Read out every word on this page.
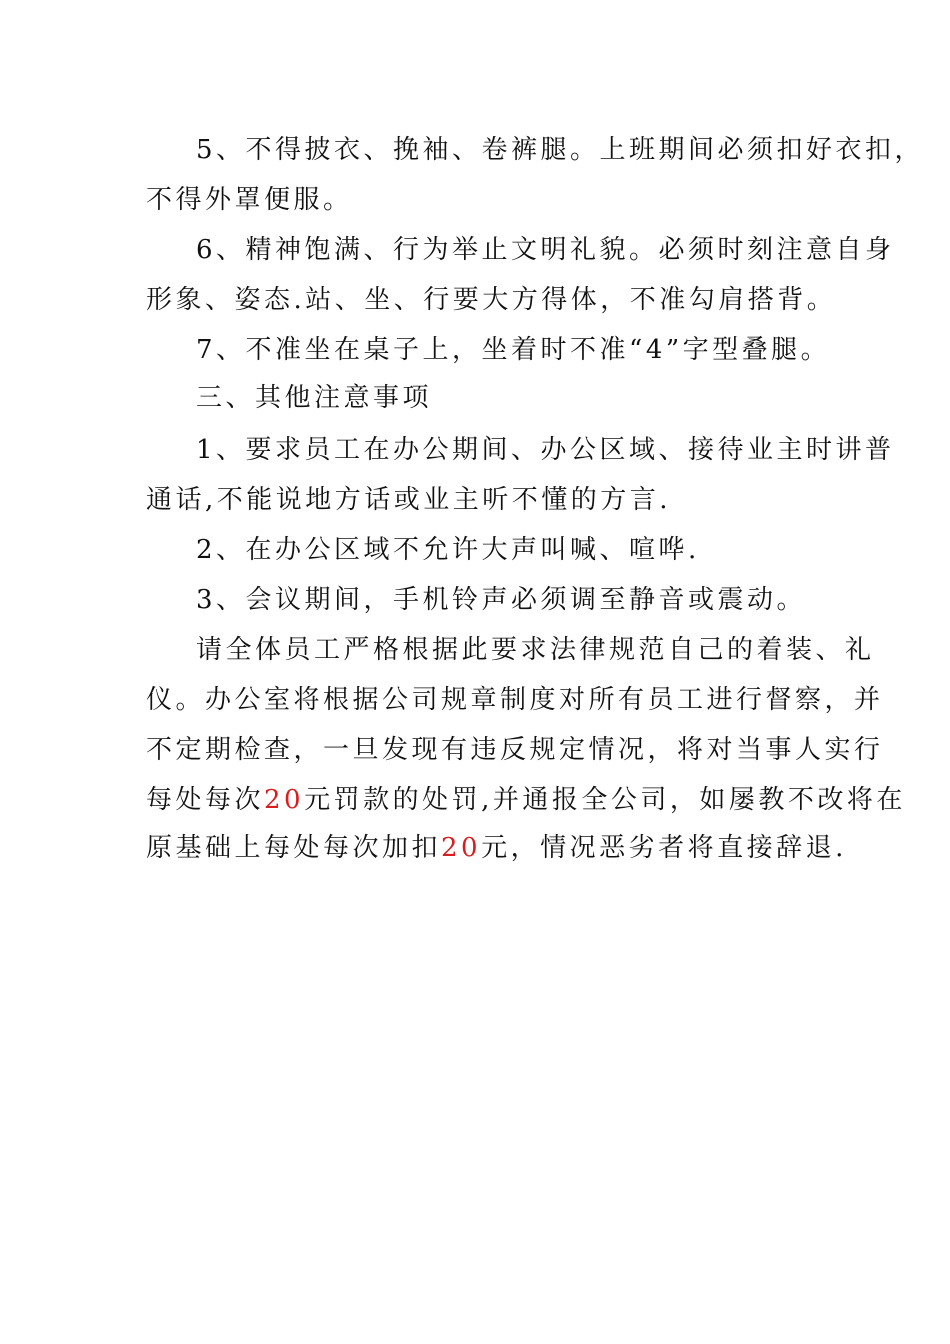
5、不得披衣、挽袖、卷裤腿。上班期间必须扣好衣扣，
不得外罩便服。
6、精神饱满、行为举止文明礼貌。必须时刻注意自身
形象、姿态.站、坐、行要大方得体，不准勾肩搭背。
7、不准坐在桌子上，坐着时不准“4”字型叠腿。
三、其他注意事项
1、要求员工在办公期间、办公区域、接待业主时讲普
通话,不能说地方话或业主听不懂的方言.
2、在办公区域不允许大声叫喊、喧哗.
3、会议期间，手机铃声必须调至静音或震动。
请全体员工严格根据此要求法律规范自己的着装、礼
仪。办公室将根据公司规章制度对所有员工进行督察，并
不定期检查，一旦发现有违反规定情况，将对当事人实行
每处每次20元罚款的处罚,并通报全公司，如屡教不改将在
原基础上每处每次加扣20元，情况恶劣者将直接辞退.
